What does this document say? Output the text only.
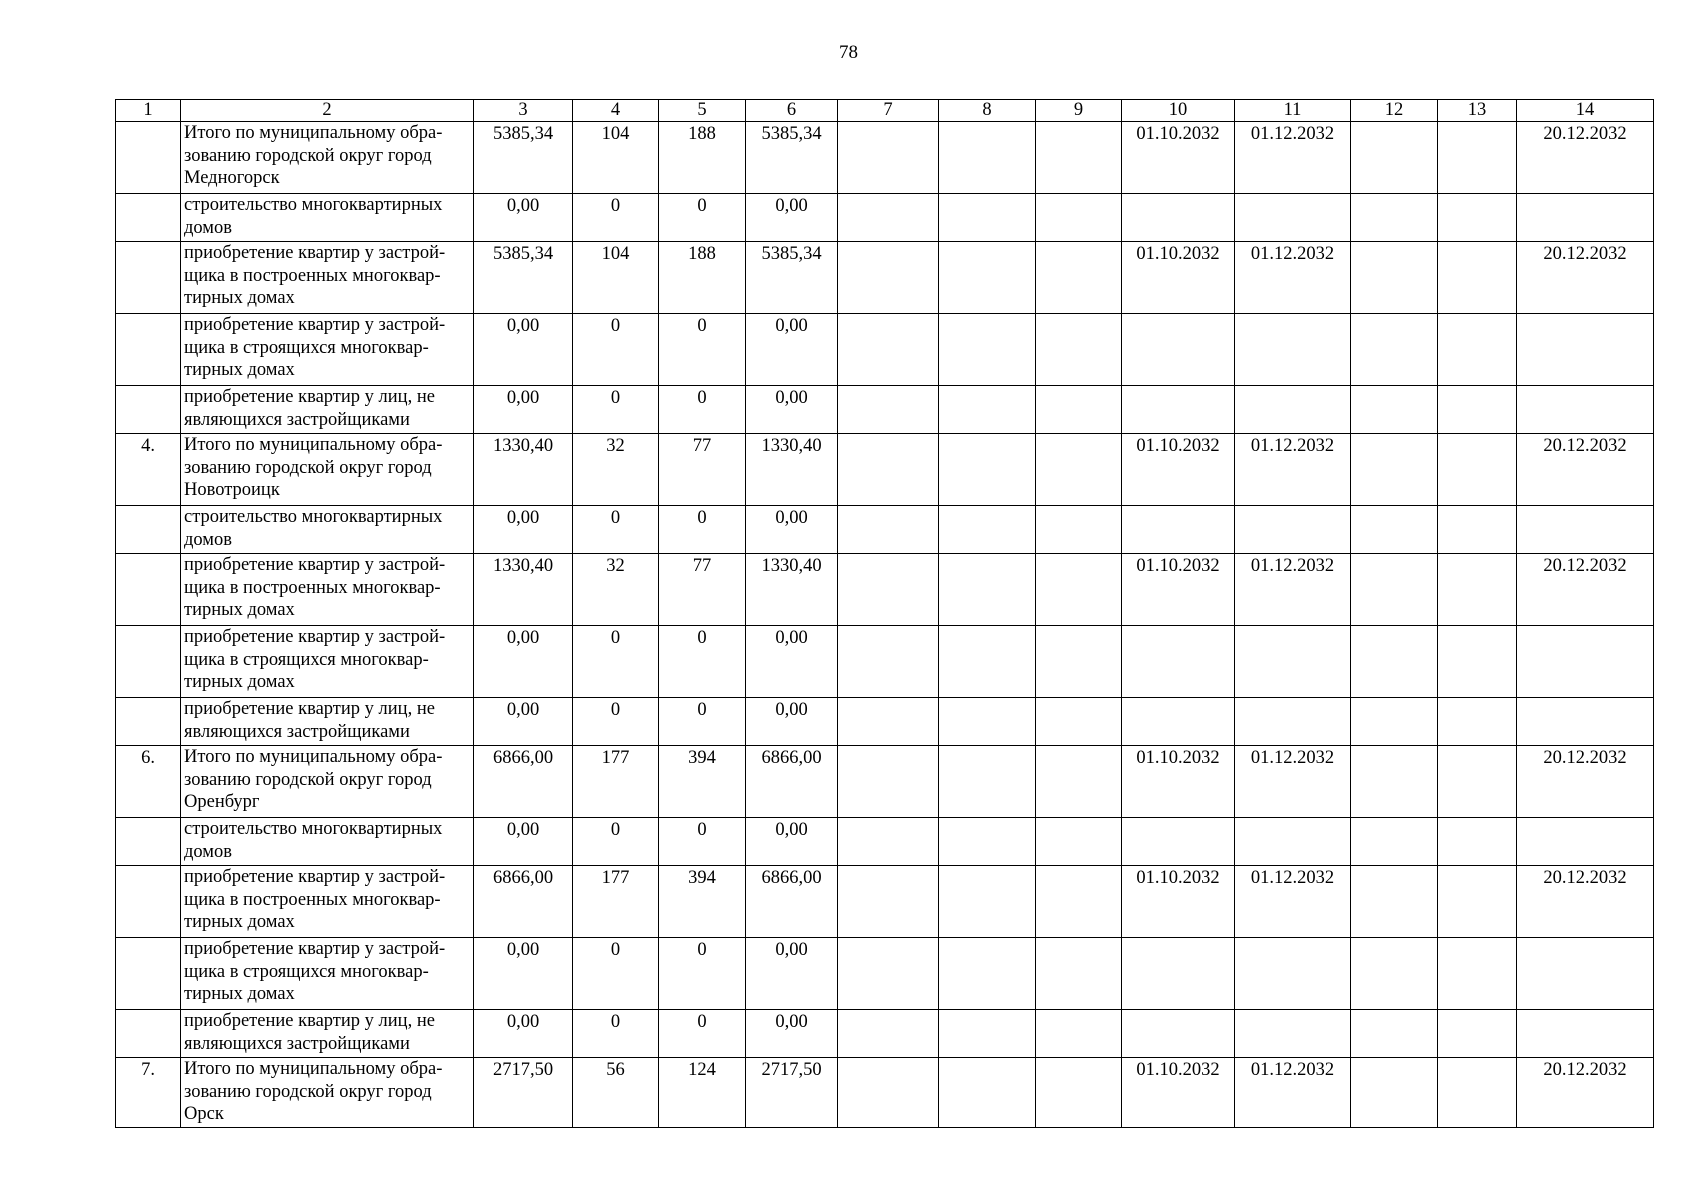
78
1	2	3	4	5	6	7	8	9	10	11	12	13	14
	Итого по муниципальному обра-зованию городской округ город Медногорск	5385,34	104	188	5385,34				01.10.2032	01.12.2032			20.12.2032
	строительство многоквартирных домов	0,00	0	0	0,00								
	приобретение квартир у застрой-щика в построенных многоквар-тирных домах	5385,34	104	188	5385,34				01.10.2032	01.12.2032			20.12.2032
	приобретение квартир у застрой-щика в строящихся многоквар-тирных домах	0,00	0	0	0,00								
	приобретение квартир у лиц, не являющихся застройщиками	0,00	0	0	0,00								
4.	Итого по муниципальному обра-зованию городской округ город Новотроицк	1330,40	32	77	1330,40				01.10.2032	01.12.2032			20.12.2032
	строительство многоквартирных домов	0,00	0	0	0,00								
	приобретение квартир у застрой-щика в построенных многоквар-тирных домах	1330,40	32	77	1330,40				01.10.2032	01.12.2032			20.12.2032
	приобретение квартир у застрой-щика в строящихся многоквар-тирных домах	0,00	0	0	0,00								
	приобретение квартир у лиц, не являющихся застройщиками	0,00	0	0	0,00								
6.	Итого по муниципальному обра-зованию городской округ город Оренбург	6866,00	177	394	6866,00				01.10.2032	01.12.2032			20.12.2032
	строительство многоквартирных домов	0,00	0	0	0,00								
	приобретение квартир у застрой-щика в построенных многоквар-тирных домах	6866,00	177	394	6866,00				01.10.2032	01.12.2032			20.12.2032
	приобретение квартир у застрой-щика в строящихся многоквар-тирных домах	0,00	0	0	0,00								
	приобретение квартир у лиц, не являющихся застройщиками	0,00	0	0	0,00								
7.	Итого по муниципальному обра-зованию городской округ город Орск	2717,50	56	124	2717,50				01.10.2032	01.12.2032			20.12.2032
